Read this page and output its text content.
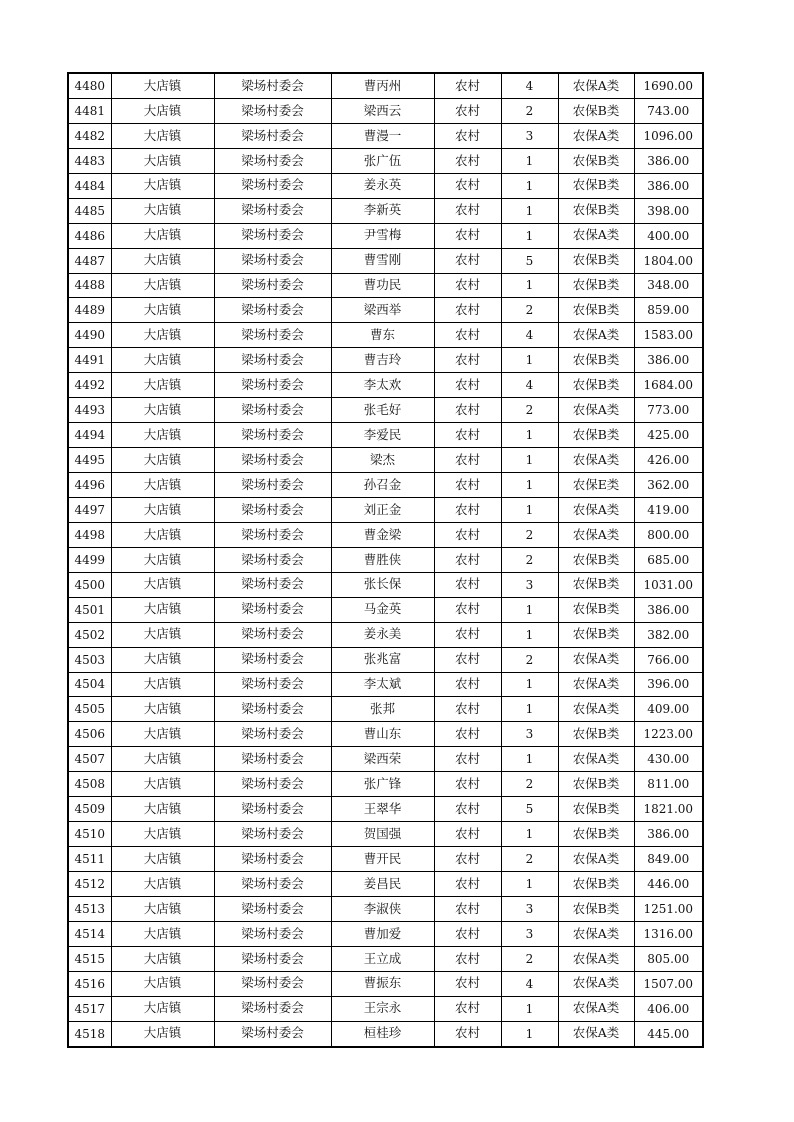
4480	大店镇	梁场村委会	曹丙州	农村	4	农保A类	1690.00
4481	大店镇	梁场村委会	梁西云	农村	2	农保B类	743.00
4482	大店镇	梁场村委会	曹漫一	农村	3	农保A类	1096.00
4483	大店镇	梁场村委会	张广伍	农村	1	农保B类	386.00
4484	大店镇	梁场村委会	姜永英	农村	1	农保B类	386.00
4485	大店镇	梁场村委会	李新英	农村	1	农保B类	398.00
4486	大店镇	梁场村委会	尹雪梅	农村	1	农保A类	400.00
4487	大店镇	梁场村委会	曹雪刚	农村	5	农保B类	1804.00
4488	大店镇	梁场村委会	曹功民	农村	1	农保B类	348.00
4489	大店镇	梁场村委会	梁西举	农村	2	农保B类	859.00
4490	大店镇	梁场村委会	曹东	农村	4	农保A类	1583.00
4491	大店镇	梁场村委会	曹吉玲	农村	1	农保B类	386.00
4492	大店镇	梁场村委会	李太欢	农村	4	农保B类	1684.00
4493	大店镇	梁场村委会	张毛好	农村	2	农保A类	773.00
4494	大店镇	梁场村委会	李爱民	农村	1	农保B类	425.00
4495	大店镇	梁场村委会	梁杰	农村	1	农保A类	426.00
4496	大店镇	梁场村委会	孙召金	农村	1	农保E类	362.00
4497	大店镇	梁场村委会	刘正金	农村	1	农保A类	419.00
4498	大店镇	梁场村委会	曹金梁	农村	2	农保A类	800.00
4499	大店镇	梁场村委会	曹胜侠	农村	2	农保B类	685.00
4500	大店镇	梁场村委会	张长保	农村	3	农保B类	1031.00
4501	大店镇	梁场村委会	马金英	农村	1	农保B类	386.00
4502	大店镇	梁场村委会	姜永美	农村	1	农保B类	382.00
4503	大店镇	梁场村委会	张兆富	农村	2	农保A类	766.00
4504	大店镇	梁场村委会	李太斌	农村	1	农保A类	396.00
4505	大店镇	梁场村委会	张邦	农村	1	农保A类	409.00
4506	大店镇	梁场村委会	曹山东	农村	3	农保B类	1223.00
4507	大店镇	梁场村委会	梁西荣	农村	1	农保A类	430.00
4508	大店镇	梁场村委会	张广锋	农村	2	农保B类	811.00
4509	大店镇	梁场村委会	王翠华	农村	5	农保B类	1821.00
4510	大店镇	梁场村委会	贺国强	农村	1	农保B类	386.00
4511	大店镇	梁场村委会	曹开民	农村	2	农保A类	849.00
4512	大店镇	梁场村委会	姜昌民	农村	1	农保B类	446.00
4513	大店镇	梁场村委会	李淑侠	农村	3	农保B类	1251.00
4514	大店镇	梁场村委会	曹加爱	农村	3	农保A类	1316.00
4515	大店镇	梁场村委会	王立成	农村	2	农保A类	805.00
4516	大店镇	梁场村委会	曹振东	农村	4	农保A类	1507.00
4517	大店镇	梁场村委会	王宗永	农村	1	农保A类	406.00
4518	大店镇	梁场村委会	桓桂珍	农村	1	农保A类	445.00
